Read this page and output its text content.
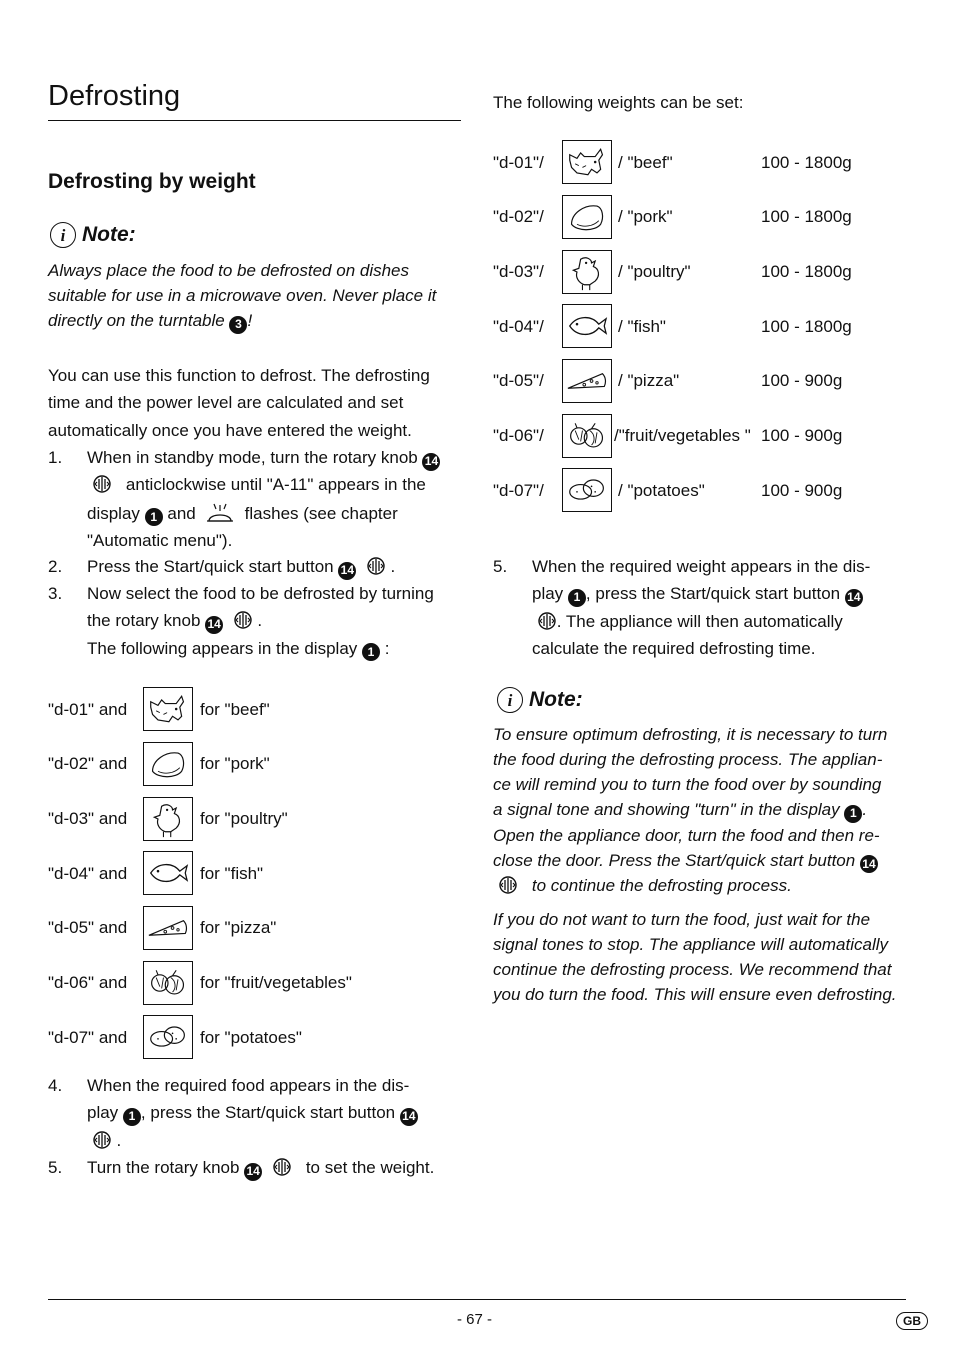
Defrosting
Defrosting by weight
i Note:
Always place the food to be defrosted on dishes suitable for use in a microwave oven. Never place it directly on the turntable 3 !
You can use this function to defrost. The defrosting time and the power level are calculated and set automatically once you have entered the weight.
1. When in standby mode, turn the rotary knob 14
anticlockwise until "A-11" appears in the
display 1 and	flashes (see chapter
"Automatic menu").
2. Press the Start/quick start button 14 .
3. Now select the food to be defrosted by turning
the rotary knob 14 .
The following appears in the display 1 :
"d-01" and	for "beef"
"d-02" and	for "pork"
"d-03" and	for "poultry"
"d-04" and	for "fish"
"d-05" and	for "pizza"
"d-06" and	for "fruit/vegetables"
"d-07" and	for "potatoes"
4. When the required food appears in the dis-
play 1 , press the Start/quick start button 14
.
5. Turn the rotary knob 14	to set the weight.
The following weights can be set:
"d-01"/	/ "beef"	100 - 1800g
"d-02"/	/ "pork"	100 - 1800g
"d-03"/	/ "poultry"	100 - 1800g
"d-04"/	/ "fish"	100 - 1800g
"d-05"/	/ "pizza"	100 - 900g
"d-06"/	/"fruit/vegetables " 100 - 900g
"d-07"/	/ "potatoes"	100 - 900g
5. When the required weight appears in the dis-
play 1 , press the Start/quick start button 14
. The appliance will then automatically
calculate the required defrosting time.
i Note:
To ensure optimum defrosting, it is necessary to turn
the food during the defrosting process. The applian-
ce will remind you to turn the food over by sounding
a signal tone and showing "turn" in the display 1 .
Open the appliance door, turn the food and then re-
close the door. Press the Start/quick start button 14
to continue the defrosting process.
If you do not want to turn the food, just wait for the signal tones to stop. The appliance will automatically continue the defrosting process. We recommend that you do turn the food. This will ensure even defrosting.
- 67 -	GB
